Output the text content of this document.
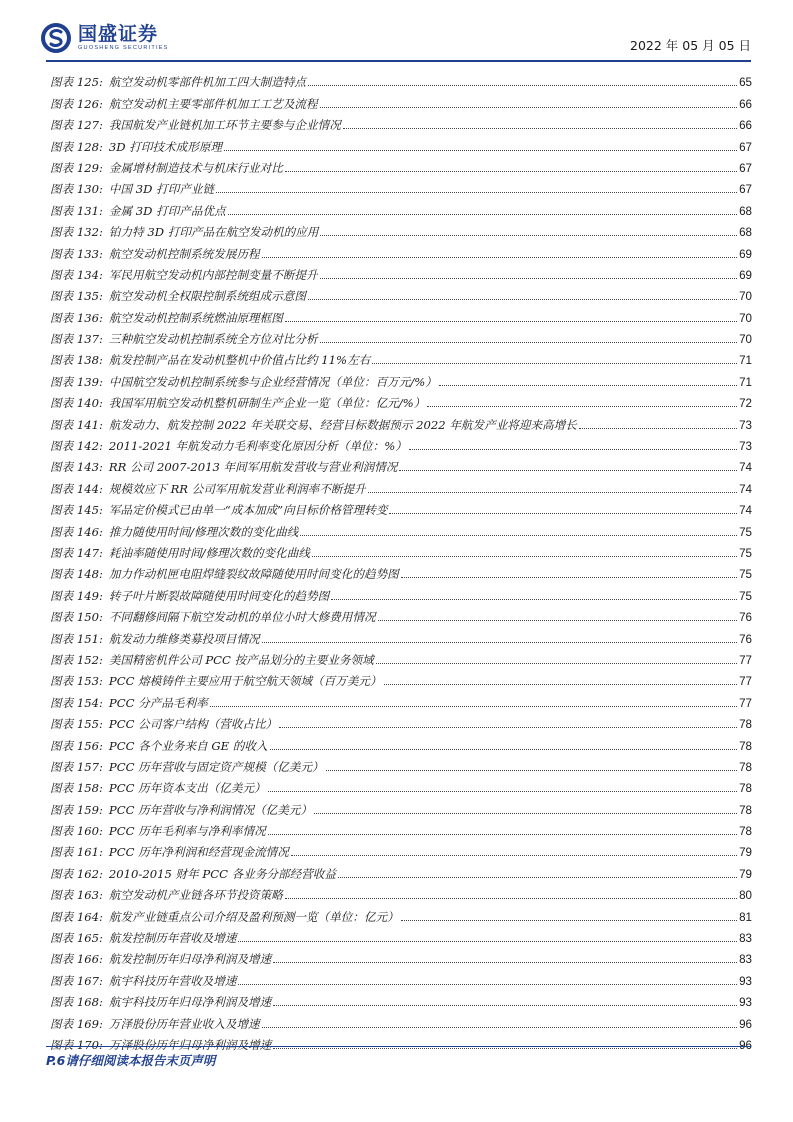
国盛证券
GUOSHENG SECURITIES	2022 年 05 月 05 日
图表 125: 航空发动机零部件机加工四大制造特点	65
图表 126: 航空发动机主要零部件机加工工艺及流程	66
图表 127: 我国航发产业链机加工环节主要参与企业情况	66
图表 128: 3D 打印技术成形原理	67
图表 129: 金属增材制造技术与机床行业对比	67
图表 130: 中国 3D 打印产业链	67
图表 131: 金属 3D 打印产品优点	68
图表 132: 铂力特 3D 打印产品在航空发动机的应用	68
图表 133: 航空发动机控制系统发展历程	69
图表 134: 军民用航空发动机内部控制变量不断提升	69
图表 135: 航空发动机全权限控制系统组成示意图	70
图表 136: 航空发动机控制系统燃油原理框图	70
图表 137: 三种航空发动机控制系统全方位对比分析	70
图表 138: 航发控制产品在发动机整机中价值占比约 11%左右	71
图表 139: 中国航空发动机控制系统参与企业经营情况（单位：百万元/%）	71
图表 140: 我国军用航空发动机整机研制生产企业一览（单位：亿元/%）	72
图表 141: 航发动力、航发控制 2022 年关联交易、经营目标数据预示 2022 年航发产业将迎来高增长	73
图表 142: 2011-2021 年航发动力毛利率变化原因分析（单位：%）	73
图表 143: RR 公司 2007-2013 年间军用航发营收与营业利润情况	74
图表 144: 规模效应下 RR 公司军用航发营业利润率不断提升	74
图表 145: 军品定价模式已由单一“成本加成”向目标价格管理转变	74
图表 146: 推力随使用时间/修理次数的变化曲线	75
图表 147: 耗油率随使用时间/修理次数的变化曲线	75
图表 148: 加力作动机匣电阻焊缝裂纹故障随使用时间变化的趋势图	75
图表 149: 转子叶片断裂故障随使用时间变化的趋势图	75
图表 150: 不同翻修间隔下航空发动机的单位小时大修费用情况	76
图表 151: 航发动力维修类募投项目情况	76
图表 152: 美国精密机件公司 PCC 按产品划分的主要业务领域	77
图表 153: PCC 熔模铸件主要应用于航空航天领域（百万美元）	77
图表 154: PCC 分产品毛利率	77
图表 155: PCC 公司客户结构（营收占比）	78
图表 156: PCC 各个业务来自 GE 的收入	78
图表 157: PCC 历年营收与固定资产规模（亿美元）	78
图表 158: PCC 历年资本支出（亿美元）	78
图表 159: PCC 历年营收与净利润情况（亿美元）	78
图表 160: PCC 历年毛利率与净利率情况	78
图表 161: PCC 历年净利润和经营现金流情况	79
图表 162: 2010-2015 财年 PCC 各业务分部经营收益	79
图表 163: 航空发动机产业链各环节投资策略	80
图表 164: 航发产业链重点公司介绍及盈利预测一览（单位：亿元）	81
图表 165: 航发控制历年营收及增速	83
图表 166: 航发控制历年归母净利润及增速	83
图表 167: 航宇科技历年营收及增速	93
图表 168: 航宇科技历年归母净利润及增速	93
图表 169: 万泽股份历年营业收入及增速	96
图表 170: 万泽股份历年归母净利润及增速	96
P.6请仔细阅读本报告末页声明
